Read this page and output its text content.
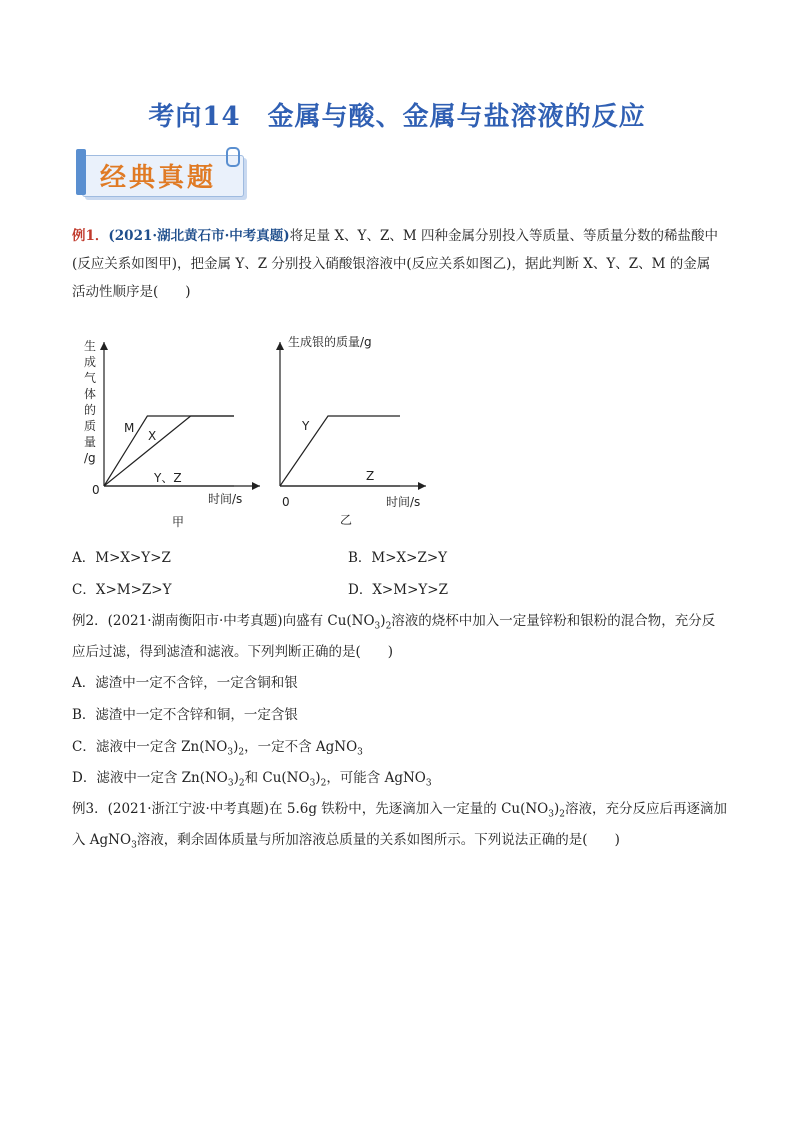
考向14　金属与酸、金属与盐溶液的反应
经典真题
例1．(2021·湖北黄石市·中考真题)将足量 X、Y、Z、M 四种金属分别投入等质量、等质量分数的稀盐酸中
(反应关系如图甲)，把金属 Y、Z 分别投入硝酸银溶液中(反应关系如图乙)，据此判断 X、Y、Z、M 的金属
活动性顺序是(　　)
M
X
Y、Z
生
成
气
体
的
质
量
/g
0
时间/s
甲
Y
Z
生成银的质量/g
0	时间/s
乙
A．M>X>Y>Z	B．M>X>Z>Y
C．X>M>Z>Y	D．X>M>Y>Z
例2．(2021·湖南衡阳市·中考真题)向盛有 $Cu(NO_3)_2$溶液的烧杯中加入一定量锌粉和银粉的混合物，充分反
应后过滤，得到滤渣和滤液。下列判断正确的是(　　)
A．滤渣中一定不含锌，一定含铜和银
B．滤渣中一定不含锌和铜，一定含银
C．滤液中一定含 $Zn(NO_3)_2$，一定不含 AgNO$_3$
D．滤液中一定含 $Zn(NO_3)_2$和 $Cu(NO_3)_2$，可能含 AgNO$_3$
例3．(2021·浙江宁波·中考真题)在 5.6g 铁粉中，先逐滴加入一定量的 $Cu(NO_3)_2$溶液，充分反应后再逐滴加
入 AgNO$_3$溶液，剩余固体质量与所加溶液总质量的关系如图所示。下列说法正确的是(　　)
